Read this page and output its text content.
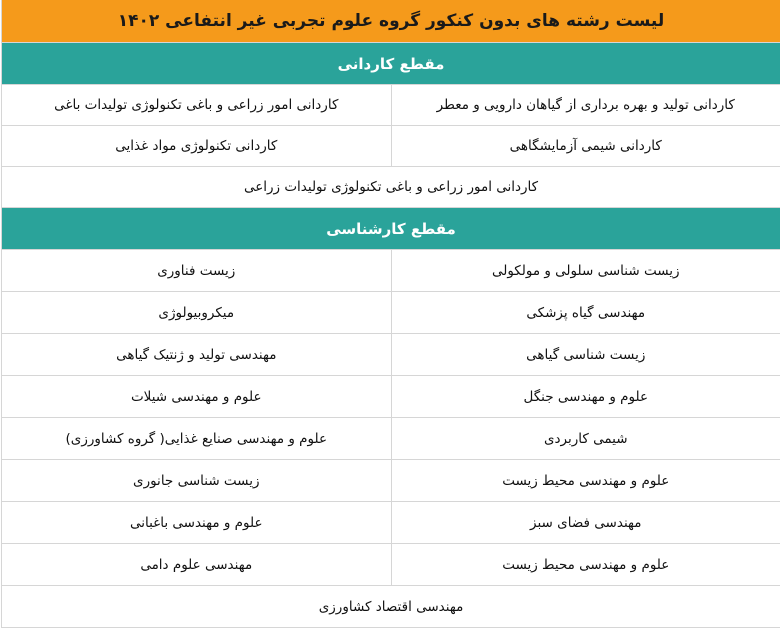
لیست رشته های بدون کنکور گروه علوم تجربی غیر انتفاعی ۱۴۰۲
مقطع کاردانی
کاردانی تولید و بهره برداری از گیاهان دارویی و معطر
کاردانی امور زراعی و باغی تکنولوژی تولیدات باغی
کاردانی شیمی آزمایشگاهی
کاردانی تکنولوژی مواد غذایی
کاردانی امور زراعی و باغی تکنولوژی تولیدات زراعی
مقطع کارشناسی
زیست شناسی سلولی و مولکولی
زیست فناوری
مهندسی گیاه پزشکی
میکروبیولوژی
زیست شناسی گیاهی
مهندسی تولید و ژنتیک گیاهی
علوم و مهندسی جنگل
علوم و مهندسی شیلات
شیمی کاربردی
علوم و مهندسی صنایع غذایی( گروه کشاورزی)
علوم و مهندسی محیط زیست
زیست شناسی جانوری
مهندسی فضای سبز
علوم و مهندسی باغبانی
علوم و مهندسی محیط زیست
مهندسی علوم دامی
مهندسی اقتصاد کشاورزی
